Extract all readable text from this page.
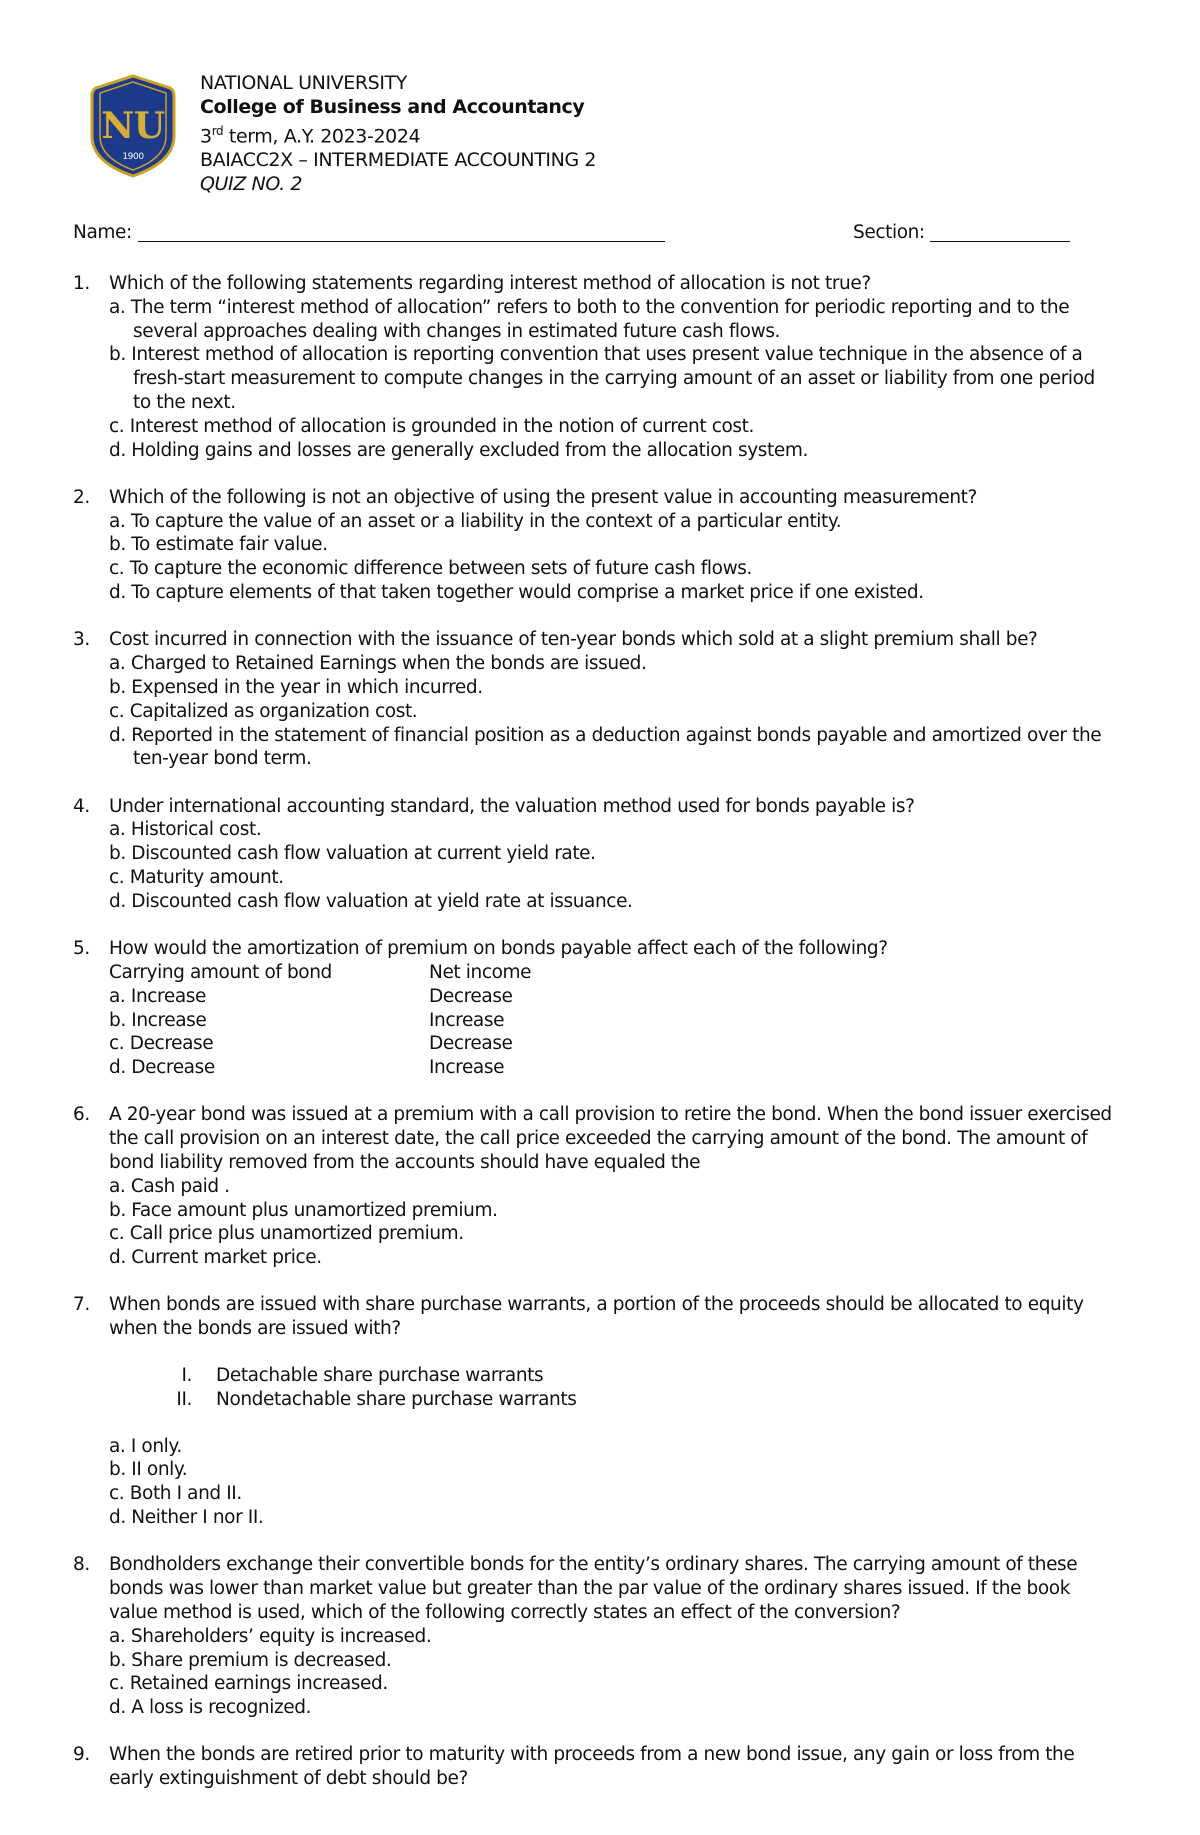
NU
1900
NATIONAL UNIVERSITY
College of Business and Accountancy
3rd term, A.Y. 2023-2024
BAIACC2X – INTERMEDIATE ACCOUNTING 2
QUIZ NO. 2
Name:	Section:
1. Which of the following statements regarding interest method of allocation is not true?
a. The term “interest method of allocation” refers to both to the convention for periodic reporting and to the several approaches dealing with changes in estimated future cash flows.
b. Interest method of allocation is reporting convention that uses present value technique in the absence of a fresh-start measurement to compute changes in the carrying amount of an asset or liability from one period to the next.
c. Interest method of allocation is grounded in the notion of current cost.
d. Holding gains and losses are generally excluded from the allocation system.
2. Which of the following is not an objective of using the present value in accounting measurement?
a. To capture the value of an asset or a liability in the context of a particular entity.
b. To estimate fair value.
c. To capture the economic difference between sets of future cash flows.
d. To capture elements of that taken together would comprise a market price if one existed.
3. Cost incurred in connection with the issuance of ten-year bonds which sold at a slight premium shall be?
a. Charged to Retained Earnings when the bonds are issued.
b. Expensed in the year in which incurred.
c. Capitalized as organization cost.
d. Reported in the statement of financial position as a deduction against bonds payable and amortized over the ten-year bond term.
4. Under international accounting standard, the valuation method used for bonds payable is?
a. Historical cost.
b. Discounted cash flow valuation at current yield rate.
c. Maturity amount.
d. Discounted cash flow valuation at yield rate at issuance.
5. How would the amortization of premium on bonds payable affect each of the following?
Carrying amount of bond	Net income
a. Increase	Decrease
b. Increase	Increase
c. Decrease	Decrease
d. Decrease	Increase
6. A 20-year bond was issued at a premium with a call provision to retire the bond. When the bond issuer exercised the call provision on an interest date, the call price exceeded the carrying amount of the bond. The amount of bond liability removed from the accounts should have equaled the
a. Cash paid .
b. Face amount plus unamortized premium.
c. Call price plus unamortized premium.
d. Current market price.
7. When bonds are issued with share purchase warrants, a portion of the proceeds should be allocated to equity when the bonds are issued with?
I.	Detachable share purchase warrants
II.	Nondetachable share purchase warrants
a. I only.
b. II only.
c. Both I and II.
d. Neither I nor II.
8. Bondholders exchange their convertible bonds for the entity’s ordinary shares. The carrying amount of these bonds was lower than market value but greater than the par value of the ordinary shares issued. If the book value method is used, which of the following correctly states an effect of the conversion?
a. Shareholders’ equity is increased.
b. Share premium is decreased.
c. Retained earnings increased.
d. A loss is recognized.
9. When the bonds are retired prior to maturity with proceeds from a new bond issue, any gain or loss from the early extinguishment of debt should be?
